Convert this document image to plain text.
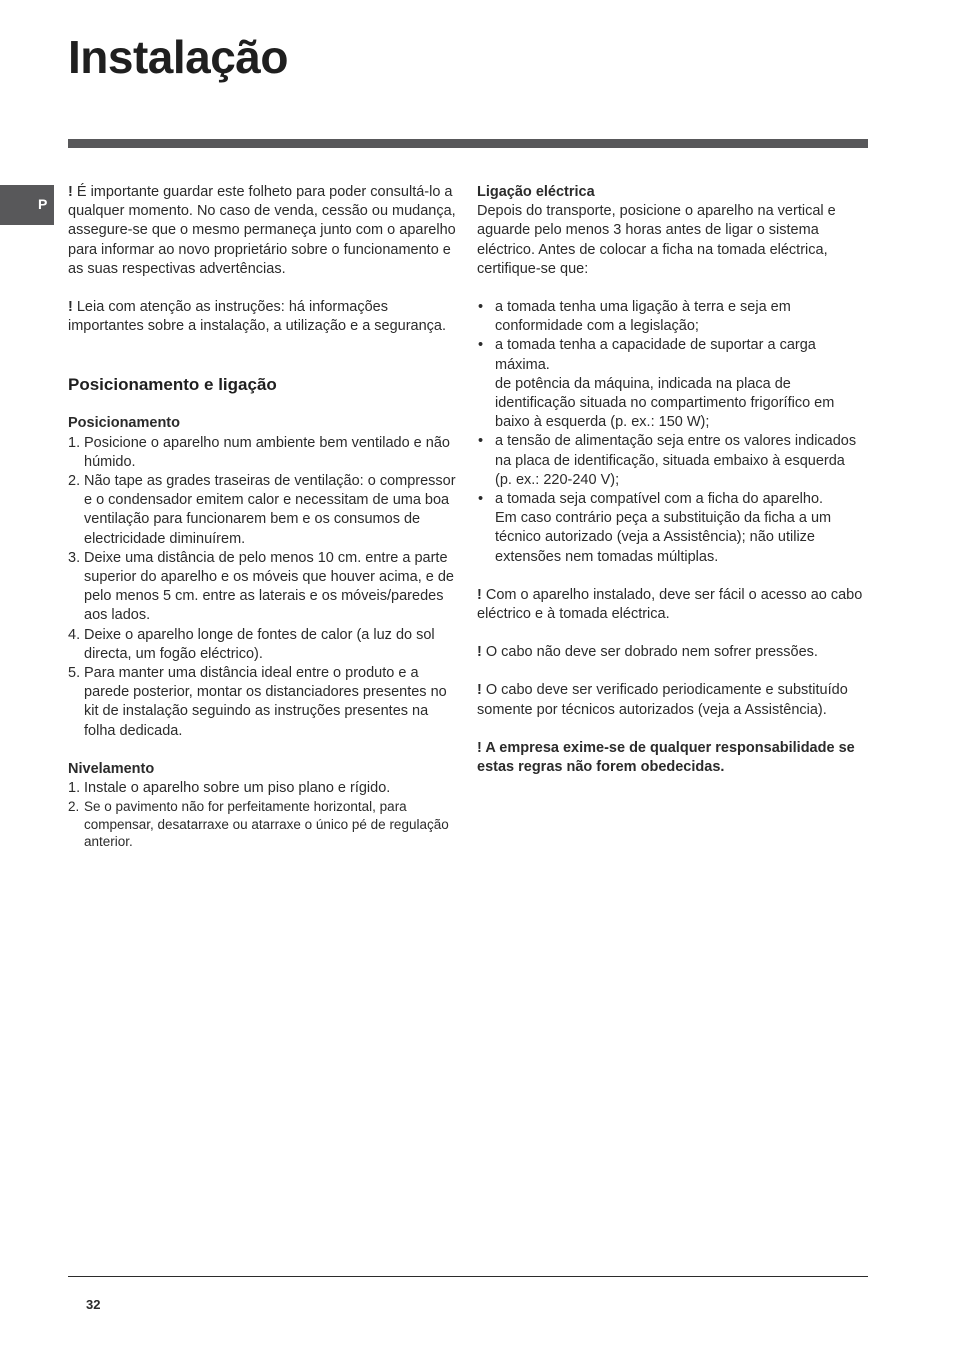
Instalação
P

! É importante guardar este folheto para poder consultá-lo a qualquer momento. No caso de venda, cessão ou mudança, assegure-se que o mesmo permaneça junto com o aparelho para informar ao novo proprietário sobre o funcionamento e as suas respectivas advertências.

! Leia com atenção as instruções: há informações importantes sobre a instalação, a utilização e a segurança.

Posicionamento e ligação

Posicionamento

1. Posicione o aparelho num ambiente bem ventilado e não húmido.
2. Não tape as grades traseiras de ventilação: o compressor e o condensador emitem calor e necessitam de uma boa ventilação para funcionarem bem e os consumos de electricidade diminuírem.
3. Deixe uma distância de pelo menos 10 cm. entre a parte superior do aparelho e os móveis que houver acima, e de pelo menos 5 cm. entre as laterais e os móveis/paredes aos lados.
4. Deixe o aparelho longe de fontes de calor (a luz do sol directa, um fogão eléctrico).
5. Para manter uma distância ideal entre o produto e a parede posterior, montar os distanciadores presentes no kit de instalação seguindo as instruções presentes na folha dedicada.

Nivelamento

1. Instale o aparelho sobre um piso plano e rígido.
2. Se o pavimento não for perfeitamente horizontal, para compensar, desatarraxe ou atarraxe o único pé de regulação anterior.

Ligação eléctrica

Depois do transporte, posicione o aparelho na vertical e aguarde pelo menos 3 horas antes de ligar o sistema eléctrico. Antes de colocar a ficha na tomada eléctrica, certifique-se que:

• a tomada tenha uma ligação à terra e seja em conformidade com a legislação;
• a tomada tenha a capacidade de suportar a carga máxima.
de potência da máquina, indicada na placa de identificação situada no compartimento frigorífico em baixo à esquerda (p. ex.: 150 W);
• a tensão de alimentação seja entre os valores indicados na placa de identificação, situada embaixo à esquerda (p. ex.: 220-240 V);
• a tomada seja compatível com a ficha do aparelho.
Em caso contrário peça a substituição da ficha a um técnico autorizado (veja a Assistência); não utilize extensões nem tomadas múltiplas.

! Com o aparelho instalado, deve ser fácil o acesso ao cabo eléctrico e à tomada eléctrica.

! O cabo não deve ser dobrado nem sofrer pressões.

! O cabo deve ser verificado periodicamente e substituído somente por técnicos autorizados (veja a Assistência).

! A empresa exime-se de qualquer responsabilidade se estas regras não forem obedecidas.

32
